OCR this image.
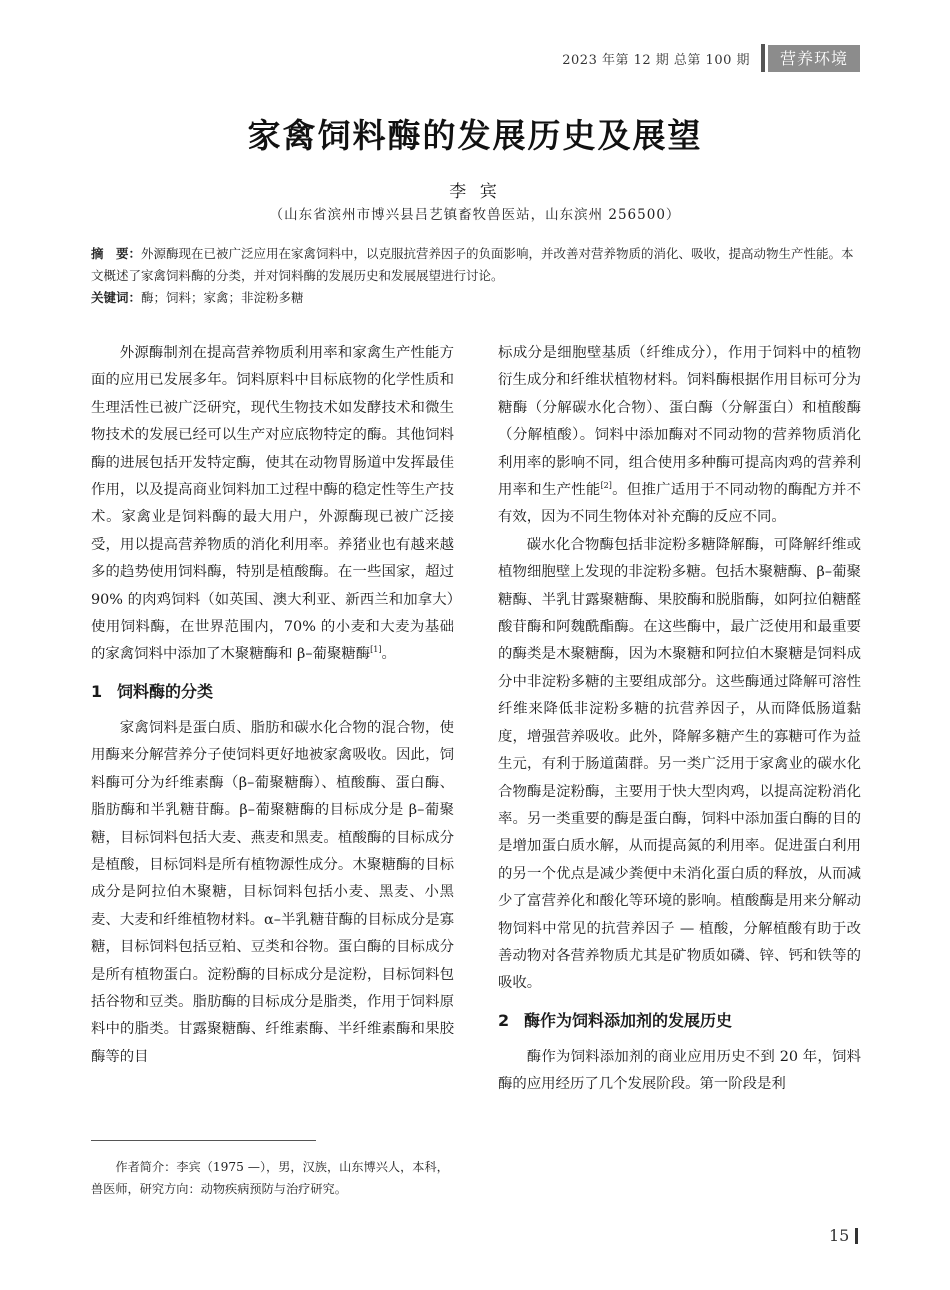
2023 年第 12 期 总第 100 期	营养环境
家禽饲料酶的发展历史及展望
李 宾
（山东省滨州市博兴县吕艺镇畜牧兽医站，山东滨州 256500）
摘　要：外源酶现在已被广泛应用在家禽饲料中，以克服抗营养因子的负面影响，并改善对营养物质的消化、吸收，提高动物生产性能。本文概述了家禽饲料酶的分类，并对饲料酶的发展历史和发展展望进行讨论。
关键词：酶；饲料；家禽；非淀粉多糖

外源酶制剂在提高营养物质利用率和家禽生产性能方面的应用已发展多年。饲料原料中目标底物的化学性质和生理活性已被广泛研究，现代生物技术如发酵技术和微生物技术的发展已经可以生产对应底物特定的酶。其他饲料酶的进展包括开发特定酶，使其在动物胃肠道中发挥最佳作用，以及提高商业饲料加工过程中酶的稳定性等生产技术。家禽业是饲料酶的最大用户，外源酶现已被广泛接受，用以提高营养物质的消化利用率。养猪业也有越来越多的趋势使用饲料酶，特别是植酸酶。在一些国家，超过 90% 的肉鸡饲料（如英国、澳大利亚、新西兰和加拿大）使用饲料酶，在世界范围内，70% 的小麦和大麦为基础的家禽饲料中添加了木聚糖酶和 β–葡聚糖酶[1]。

1 饲料酶的分类

家禽饲料是蛋白质、脂肪和碳水化合物的混合物，使用酶来分解营养分子使饲料更好地被家禽吸收。因此，饲料酶可分为纤维素酶（β–葡聚糖酶）、植酸酶、蛋白酶、脂肪酶和半乳糖苷酶。β–葡聚糖酶的目标成分是 β–葡聚糖，目标饲料包括大麦、燕麦和黑麦。植酸酶的目标成分是植酸，目标饲料是所有植物源性成分。木聚糖酶的目标成分是阿拉伯木聚糖，目标饲料包括小麦、黑麦、小黑麦、大麦和纤维植物材料。α–半乳糖苷酶的目标成分是寡糖，目标饲料包括豆粕、豆类和谷物。蛋白酶的目标成分是所有植物蛋白。淀粉酶的目标成分是淀粉，目标饲料包括谷物和豆类。脂肪酶的目标成分是脂类，作用于饲料原料中的脂类。甘露聚糖酶、纤维素酶、半纤维素酶和果胶酶等的目

标成分是细胞壁基质（纤维成分），作用于饲料中的植物衍生成分和纤维状植物材料。饲料酶根据作用目标可分为糖酶（分解碳水化合物）、蛋白酶（分解蛋白）和植酸酶（分解植酸）。饲料中添加酶对不同动物的营养物质消化利用率的影响不同，组合使用多种酶可提高肉鸡的营养利用率和生产性能[2]。但推广适用于不同动物的酶配方并不有效，因为不同生物体对补充酶的反应不同。

碳水化合物酶包括非淀粉多糖降解酶，可降解纤维或植物细胞壁上发现的非淀粉多糖。包括木聚糖酶、β–葡聚糖酶、半乳甘露聚糖酶、果胶酶和脱脂酶，如阿拉伯糖醛酸苷酶和阿魏酰酯酶。在这些酶中，最广泛使用和最重要的酶类是木聚糖酶，因为木聚糖和阿拉伯木聚糖是饲料成分中非淀粉多糖的主要组成部分。这些酶通过降解可溶性纤维来降低非淀粉多糖的抗营养因子，从而降低肠道黏度，增强营养吸收。此外，降解多糖产生的寡糖可作为益生元，有利于肠道菌群。另一类广泛用于家禽业的碳水化合物酶是淀粉酶，主要用于快大型肉鸡，以提高淀粉消化率。另一类重要的酶是蛋白酶，饲料中添加蛋白酶的目的是增加蛋白质水解，从而提高氮的利用率。促进蛋白利用的另一个优点是减少粪便中未消化蛋白质的释放，从而减少了富营养化和酸化等环境的影响。植酸酶是用来分解动物饲料中常见的抗营养因子 — 植酸，分解植酸有助于改善动物对各营养物质尤其是矿物质如磷、锌、钙和铁等的吸收。

2 酶作为饲料添加剂的发展历史

酶作为饲料添加剂的商业应用历史不到 20 年，饲料酶的应用经历了几个发展阶段。第一阶段是利

作者简介：李宾（1975 —），男，汉族，山东博兴人，本科，兽医师，研究方向：动物疾病预防与治疗研究。
15
